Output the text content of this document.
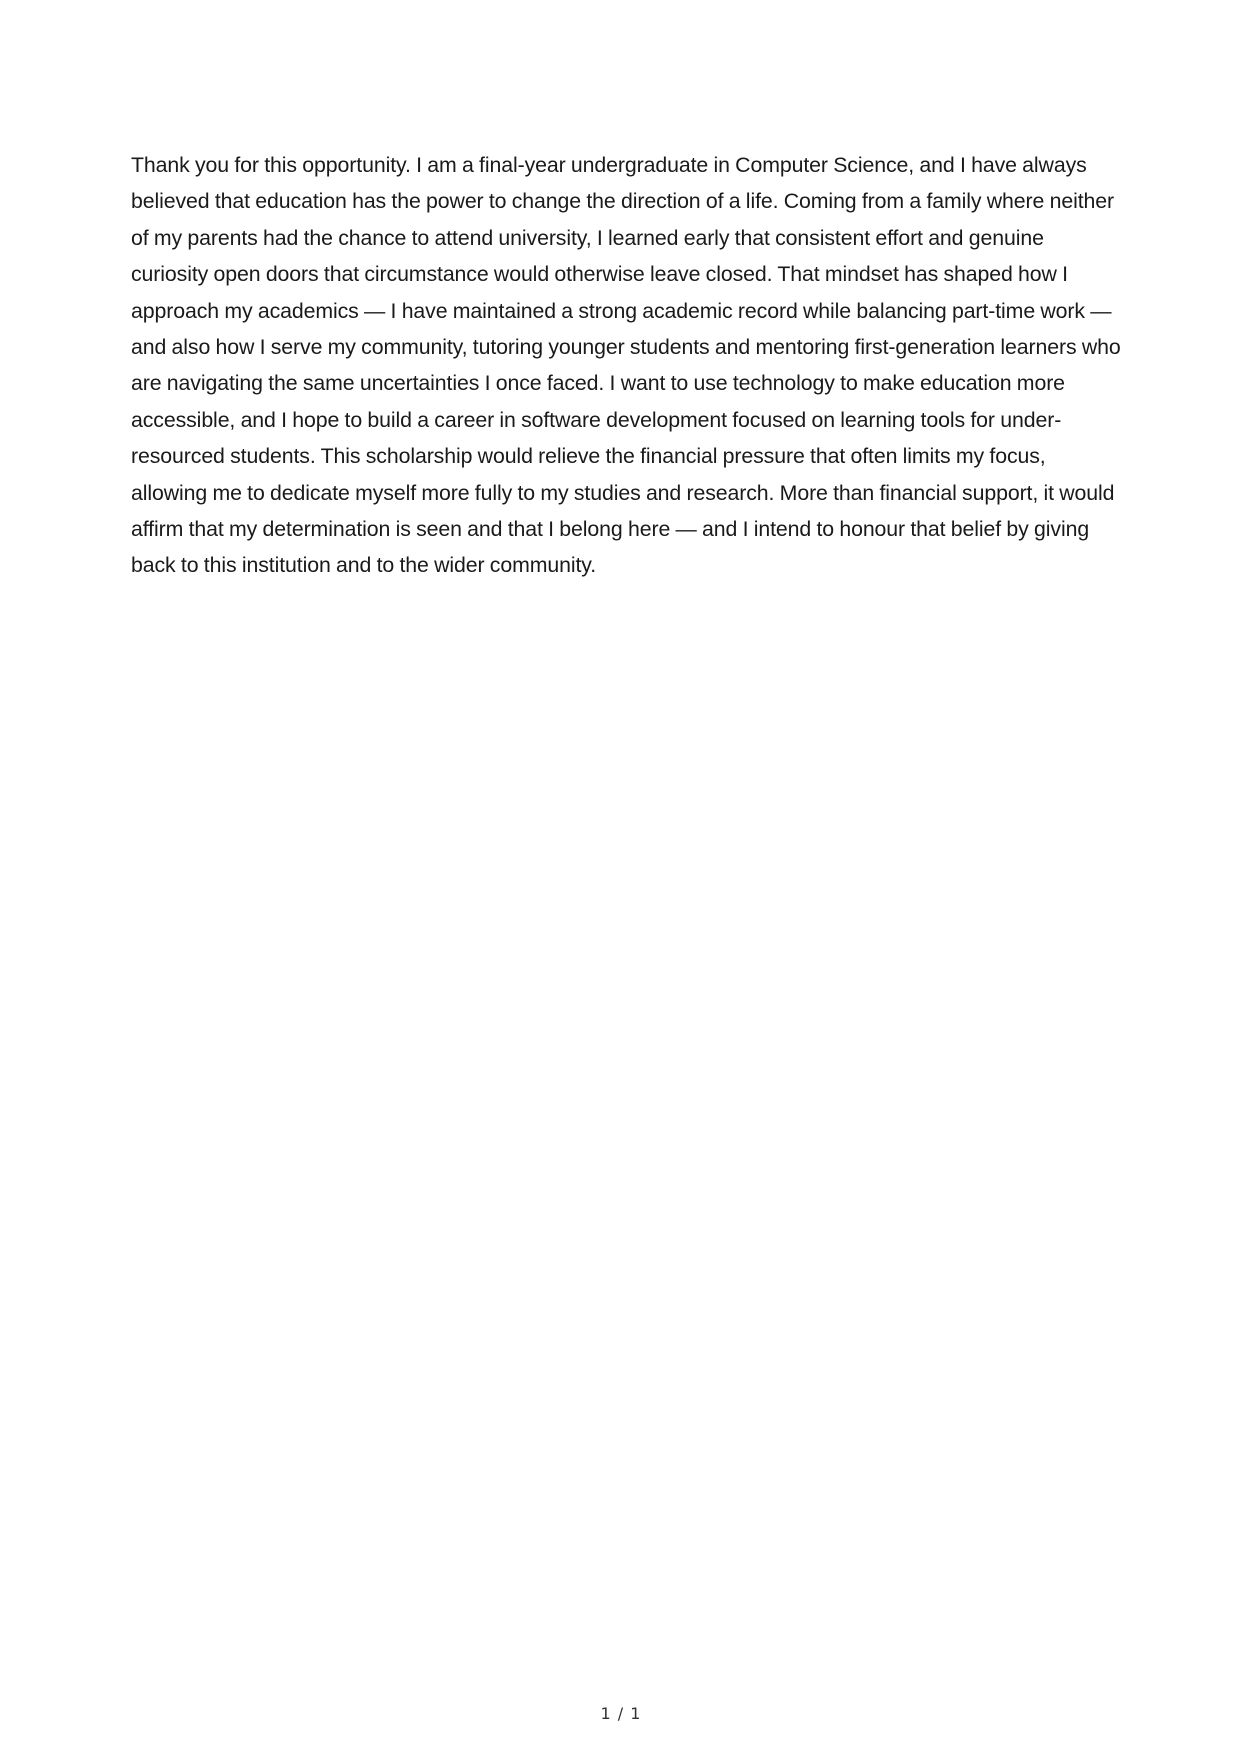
Thank you for this opportunity. I am a final-year undergraduate in Computer Science, and I have always believed that education has the power to change the direction of a life. Coming from a family where neither of my parents had the chance to attend university, I learned early that consistent effort and genuine curiosity open doors that circumstance would otherwise leave closed. That mindset has shaped how I approach my academics — I have maintained a strong academic record while balancing part-time work — and also how I serve my community, tutoring younger students and mentoring first-generation learners who are navigating the same uncertainties I once faced. I want to use technology to make education more accessible, and I hope to build a career in software development focused on learning tools for under-resourced students. This scholarship would relieve the financial pressure that often limits my focus, allowing me to dedicate myself more fully to my studies and research. More than financial support, it would affirm that my determination is seen and that I belong here — and I intend to honour that belief by giving back to this institution and to the wider community.

1 / 1
